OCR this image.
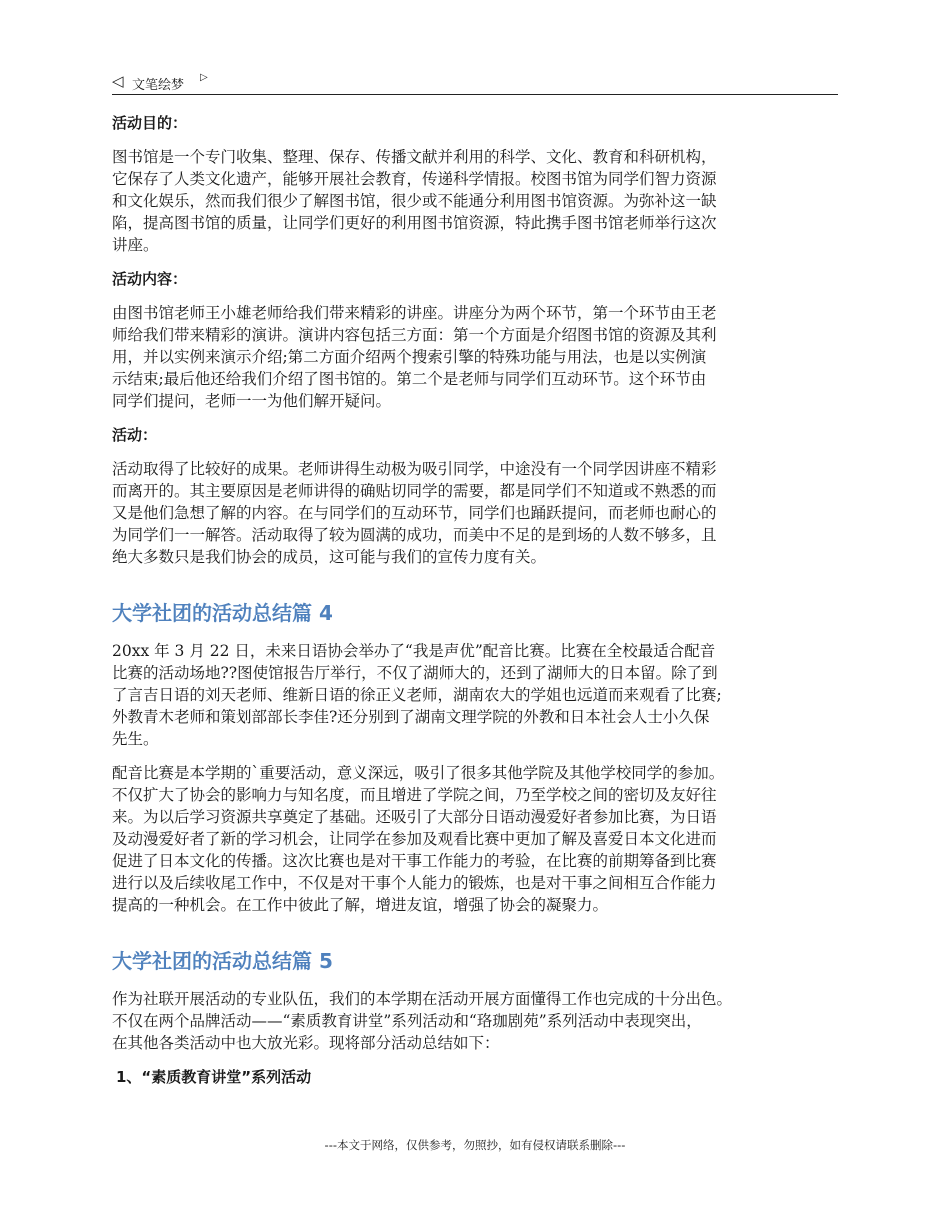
◁ 文笔绘梦
▷
活动目的：
图书馆是一个专门收集、整理、保存、传播文献并利用的科学、文化、教育和科研机构，
它保存了人类文化遗产，能够开展社会教育，传递科学情报。校图书馆为同学们智力资源
和文化娱乐，然而我们很少了解图书馆，很少或不能通分利用图书馆资源。为弥补这一缺
陷，提高图书馆的质量，让同学们更好的利用图书馆资源，特此携手图书馆老师举行这次
讲座。
活动内容：
由图书馆老师王小雄老师给我们带来精彩的讲座。讲座分为两个环节，第一个环节由王老
师给我们带来精彩的演讲。演讲内容包括三方面：第一个方面是介绍图书馆的资源及其利
用，并以实例来演示介绍;第二方面介绍两个搜索引擎的特殊功能与用法，也是以实例演
示结束;最后他还给我们介绍了图书馆的。第二个是老师与同学们互动环节。这个环节由
同学们提问，老师一一为他们解开疑问。
活动：
活动取得了比较好的成果。老师讲得生动极为吸引同学，中途没有一个同学因讲座不精彩
而离开的。其主要原因是老师讲得的确贴切同学的需要，都是同学们不知道或不熟悉的而
又是他们急想了解的内容。在与同学们的互动环节，同学们也踊跃提问，而老师也耐心的
为同学们一一解答。活动取得了较为圆满的成功，而美中不足的是到场的人数不够多，且
绝大多数只是我们协会的成员，这可能与我们的宣传力度有关。
大学社团的活动总结篇 4
20xx 年 3 月 22 日，未来日语协会举办了“我是声优”配音比赛。比赛在全校最适合配音
比赛的活动场地??图使馆报告厅举行，不仅了湖师大的，还到了湖师大的日本留。除了到
了言吉日语的刘天老师、维新日语的徐正义老师，湖南农大的学姐也远道而来观看了比赛;
外教青木老师和策划部部长李佳?还分别到了湖南文理学院的外教和日本社会人士小久保
先生。
配音比赛是本学期的`重要活动，意义深远，吸引了很多其他学院及其他学校同学的参加。
不仅扩大了协会的影响力与知名度，而且增进了学院之间，乃至学校之间的密切及友好往
来。为以后学习资源共享奠定了基础。还吸引了大部分日语动漫爱好者参加比赛，为日语
及动漫爱好者了新的学习机会，让同学在参加及观看比赛中更加了解及喜爱日本文化进而
促进了日本文化的传播。这次比赛也是对干事工作能力的考验，在比赛的前期筹备到比赛
进行以及后续收尾工作中，不仅是对干事个人能力的锻炼，也是对干事之间相互合作能力
提高的一种机会。在工作中彼此了解，增进友谊，增强了协会的凝聚力。
大学社团的活动总结篇 5
作为社联开展活动的专业队伍，我们的本学期在活动开展方面懂得工作也完成的十分出色。
不仅在两个品牌活动——“素质教育讲堂”系列活动和“珞珈剧苑”系列活动中表现突出，
在其他各类活动中也大放光彩。现将部分活动总结如下：
1、“素质教育讲堂”系列活动
---本文于网络，仅供参考，勿照抄，如有侵权请联系删除---
